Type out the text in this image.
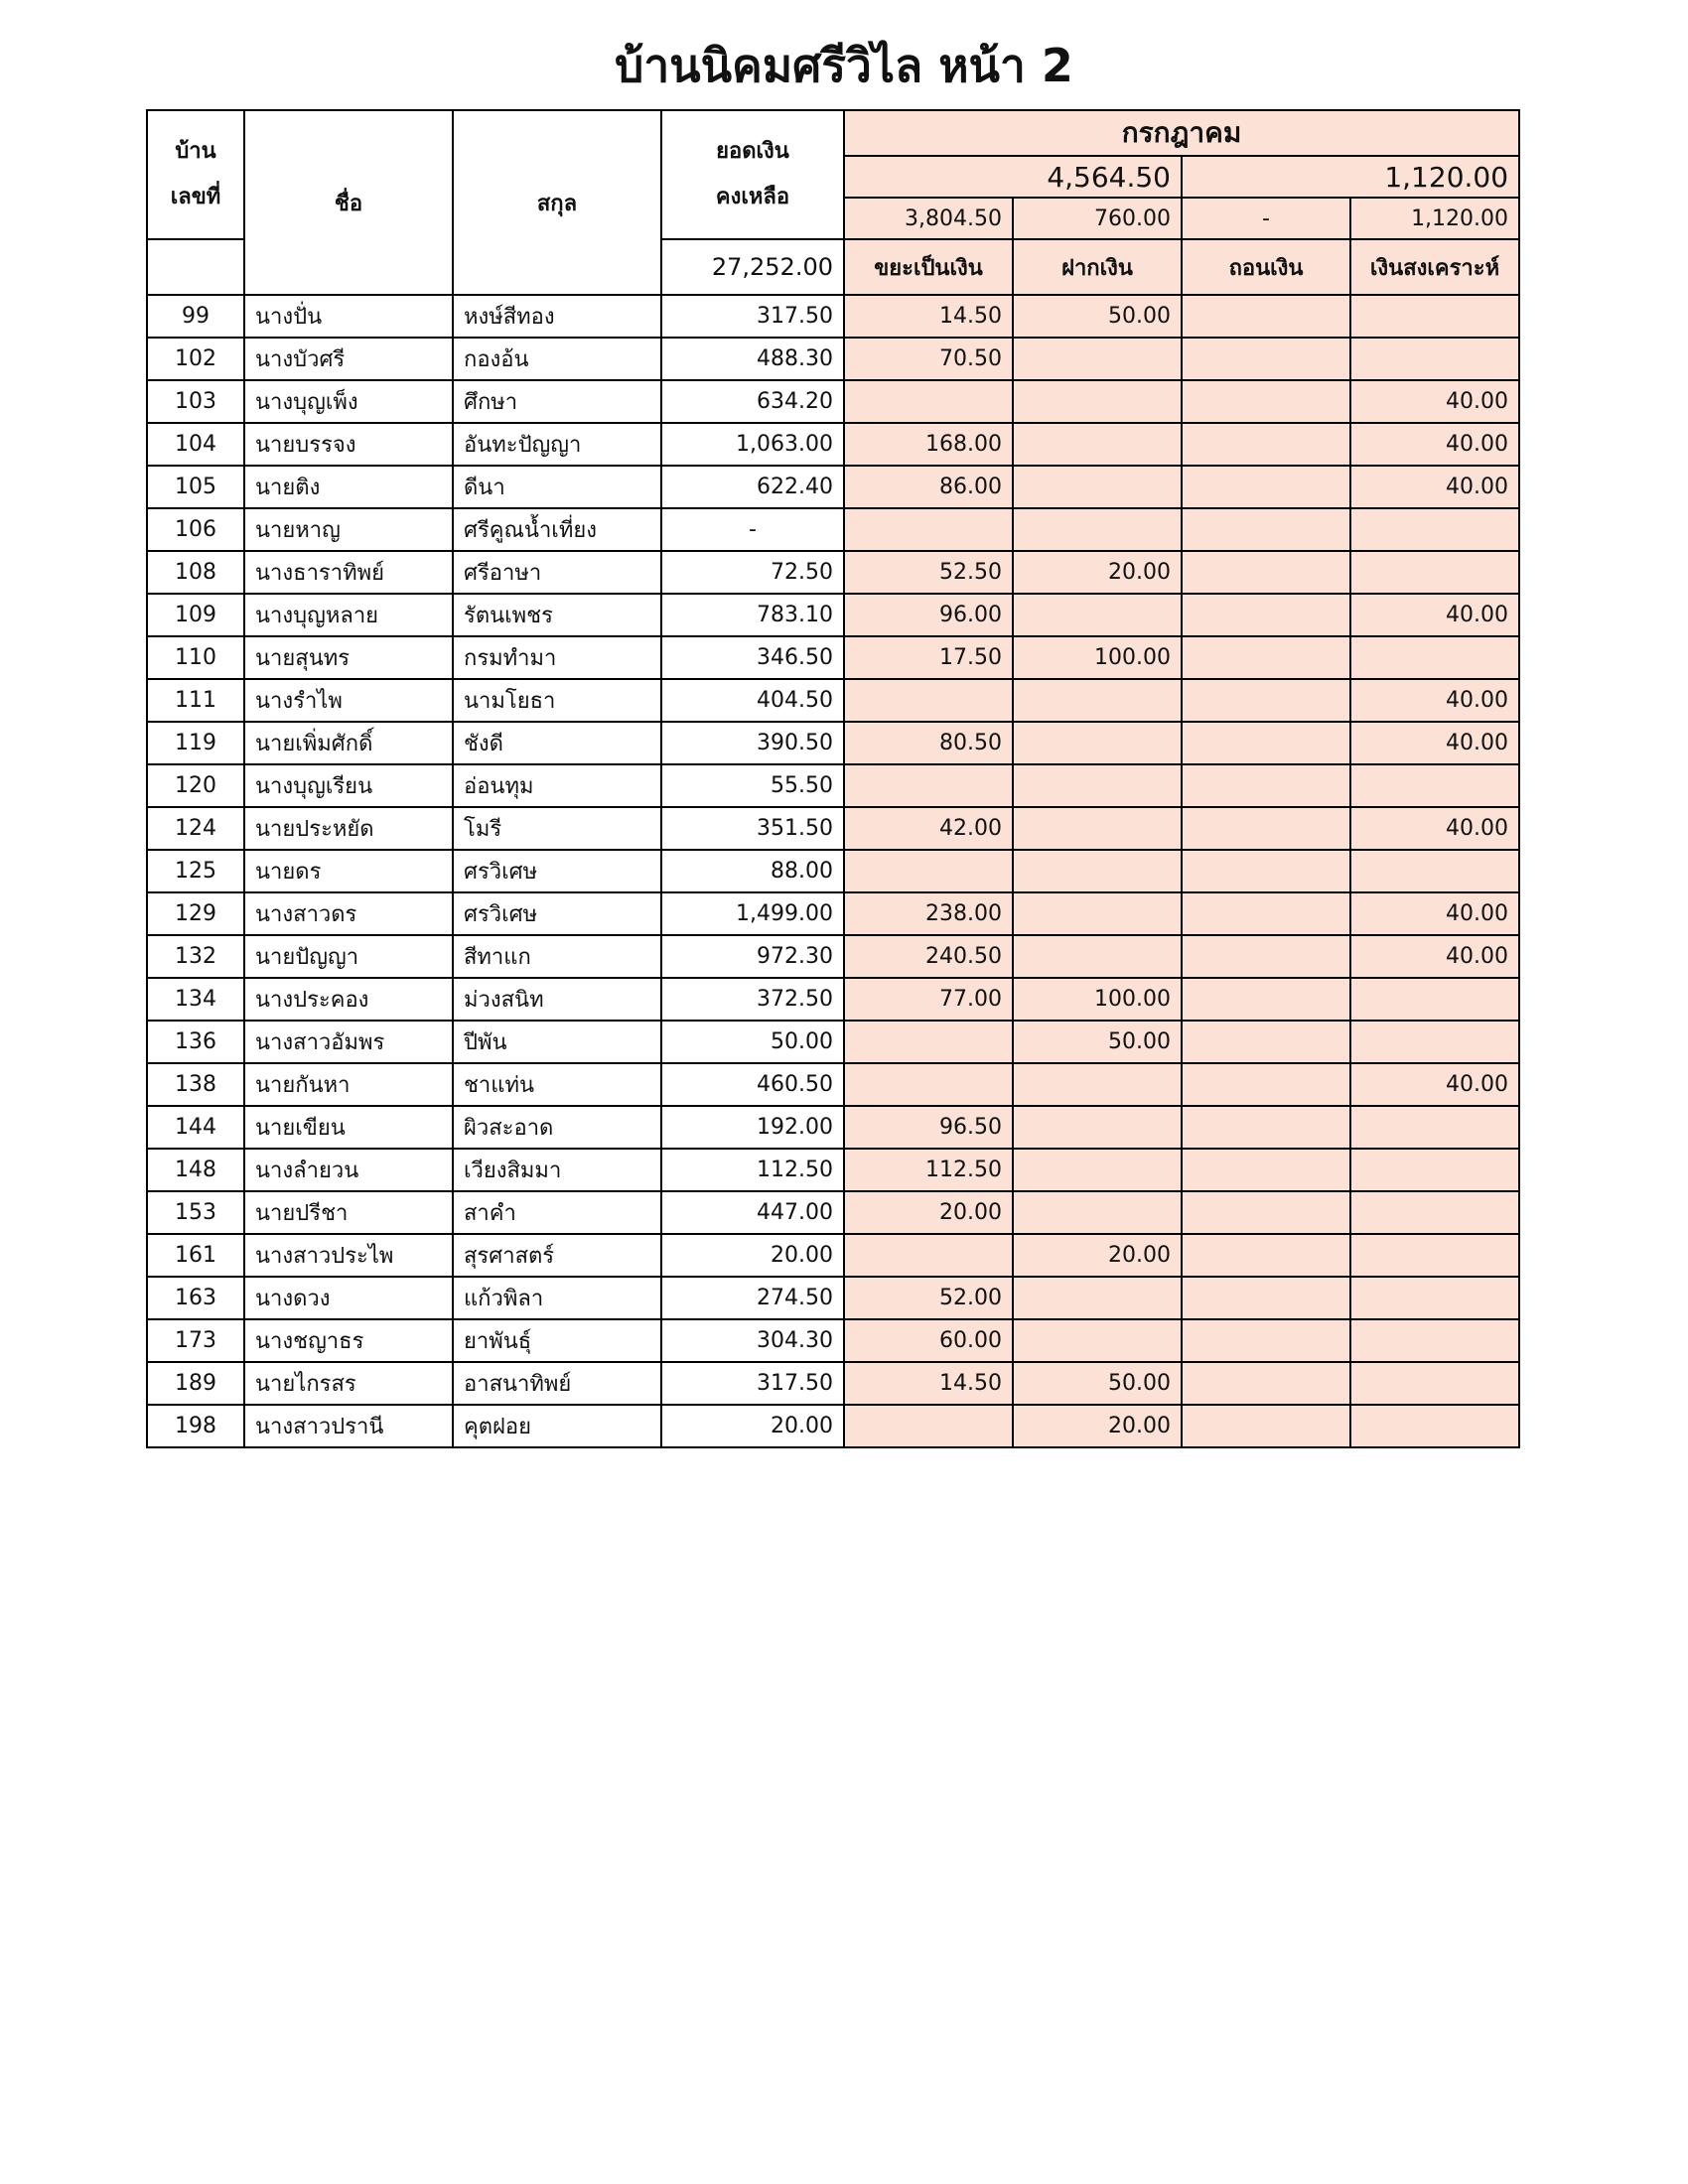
บ้านนิคมศรีวิไล หน้า 2
บ้าน
เลขที่	ชื่อ	สกุล	ยอดเงิน
คงเหลือ	กรกฎาคม			
				4,564.50		1,120.00	
				3,804.50	760.00	-	1,120.00
			27,252.00	ขยะเป็นเงิน	ฝากเงิน	ถอนเงิน	เงินสงเคราะห์
99	นางปั่น	หงษ์สีทอง	317.50	14.50	50.00		
102	นางบัวศรี	กองอ้น	488.30	70.50			
103	นางบุญเพ็ง	ศึกษา	634.20				40.00
104	นายบรรจง	อันทะปัญญา	1,063.00	168.00			40.00
105	นายติง	ดีนา	622.40	86.00			40.00
106	นายหาญ	ศรีคูณน้ำเที่ยง	-				
108	นางธาราทิพย์	ศรีอาษา	72.50	52.50	20.00		
109	นางบุญหลาย	รัตนเพชร	783.10	96.00			40.00
110	นายสุนทร	กรมทำมา	346.50	17.50	100.00		
111	นางรำไพ	นามโยธา	404.50				40.00
119	นายเพิ่มศักดิ์	ชังดี	390.50	80.50			40.00
120	นางบุญเรียน	อ่อนทุม	55.50				
124	นายประหยัด	โมรี	351.50	42.00			40.00
125	นายดร	ศรวิเศษ	88.00				
129	นางสาวดร	ศรวิเศษ	1,499.00	238.00			40.00
132	นายปัญญา	สีทาแก	972.30	240.50			40.00
134	นางประคอง	ม่วงสนิท	372.50	77.00	100.00		
136	นางสาวอัมพร	ปีพัน	50.00		50.00		
138	นายกันหา	ชาแท่น	460.50				40.00
144	นายเขียน	ผิวสะอาด	192.00	96.50			
148	นางลำยวน	เวียงสิมมา	112.50	112.50			
153	นายปรีชา	สาคำ	447.00	20.00			
161	นางสาวประไพ	สุรศาสตร์	20.00		20.00		
163	นางดวง	แก้วพิลา	274.50	52.00			
173	นางชญาธร	ยาพันธุ์	304.30	60.00			
189	นายไกรสร	อาสนาทิพย์	317.50	14.50	50.00		
198	นางสาวปรานี	คุตฝอย	20.00		20.00		
